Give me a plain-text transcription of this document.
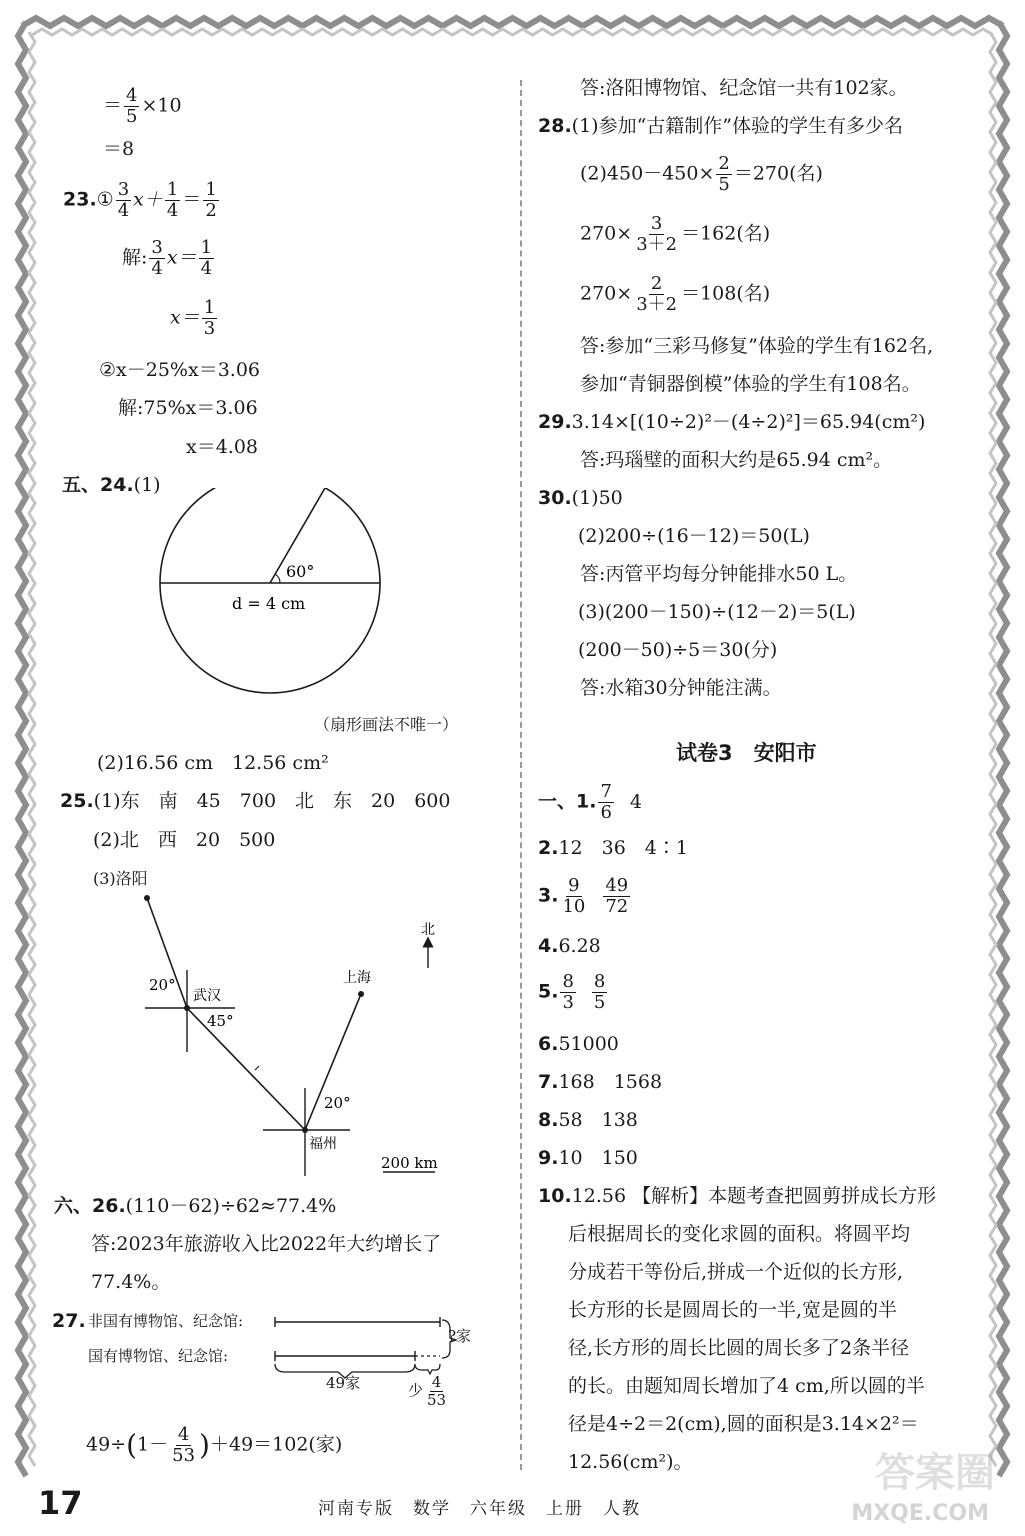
＝ $\frac{4}{5} \times 10$
＝8
23.① $\frac{3}{4} x+ \frac{1}{4} = \frac{1}{2}$
解: $\frac{3}{4} x= \frac{1}{4}$
$x= \frac{1}{3}$
②x－25%x＝3.06
解:75%x＝3.06
x＝4.08
五、24.(1)
60°
d = 4 cm
（扇形画法不唯一）
(2)16.56 cm　12.56 cm²
25.(1)东　南　45　700　北　东　20　600
(2)北　西　20　500
(3)洛阳
北
武汉
20°
45°
福州
20°
上海
200 km
六、26.(110－62)÷62≈77.4%
答:2023年旅游收入比2022年大约增长了
77.4%。
27. 非国有博物馆、纪念馆:
国有博物馆、纪念馆:
?家
49家	少 $\frac{4}{53}$
$49\div(1- \frac{4}{53} )+49=102$(家)
答:洛阳博物馆、纪念馆一共有102家。
28.(1)参加“古籍制作”体验的学生有多少名
$(2)450-450\times \frac{2}{5} =270$(名)
$270\times \frac{3}{3+2} =162$(名)
$270\times \frac{2}{3+2} =108$(名)
答:参加“三彩马修复”体验的学生有162名,
参加“青铜器倒模”体验的学生有108名。
29.3.14×[(10÷2)²－(4÷2)²]＝65.94(cm²)
答:玛瑙璧的面积大约是65.94 cm²。
30.(1)50
(2)200÷(16－12)＝50(L)
答:丙管平均每分钟能排水50 L。
(3)(200－150)÷(12－2)＝5(L)
(200－50)÷5＝30(分)
答:水箱30分钟能注满。
试卷3　安阳市
一、1. $\frac{7}{6} 4$
2.12　36　4∶1
3. $\frac{9}{10} \frac{49}{72}$
4.6.28
5. $\frac{8}{3} \frac{8}{5}$
6.51000
7.168　1568
8.58　138
9.10　150
10.12.56 【解析】本题考查把圆剪拼成长方形
后根据周长的变化求圆的面积。将圆平均
分成若干等份后,拼成一个近似的长方形,
长方形的长是圆周长的一半,宽是圆的半
径,长方形的周长比圆的周长多了2条半径
的长。由题知周长增加了4 cm,所以圆的半
径是4÷2＝2(cm),圆的面积是3.14×2²＝
12.56(cm²)。
17	河南专版　数学　六年级　上册　人教
答案圈
MXQE.COM
